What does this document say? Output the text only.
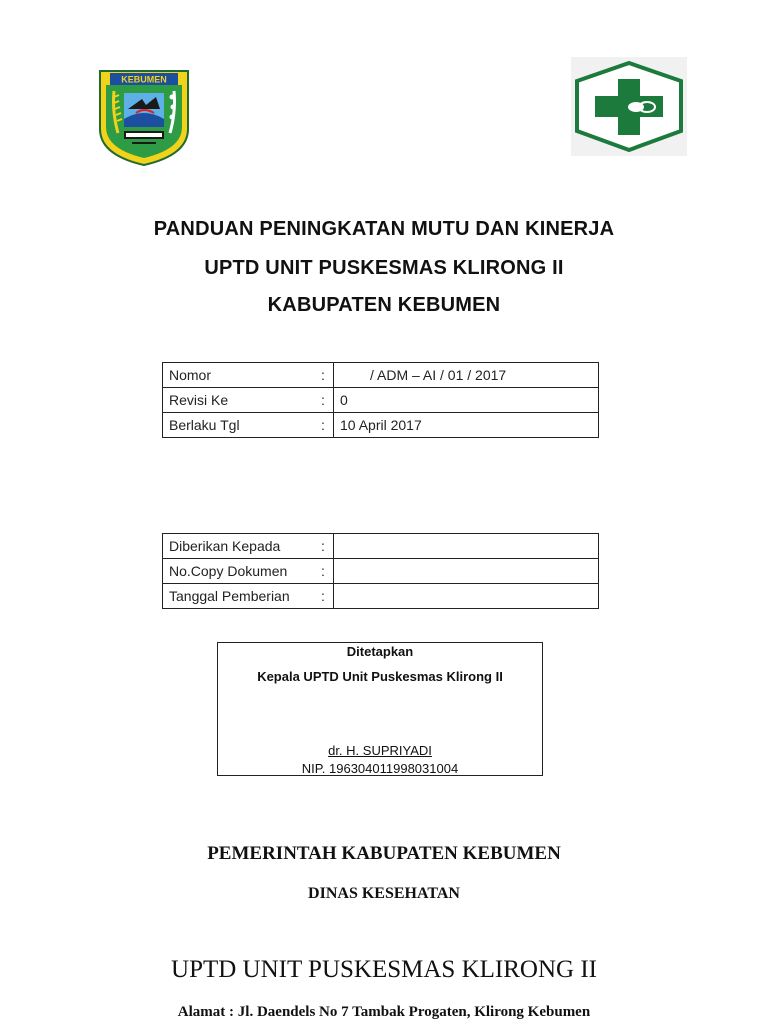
KEBUMEN
PANDUAN PENINGKATAN MUTU DAN KINERJA
UPTD UNIT PUSKESMAS KLIRONG II
KABUPATEN KEBUMEN
Nomor	:	/ ADM – AI / 01 / 2017
Revisi Ke	:	0
Berlaku Tgl	:	10 April 2017
Diberikan Kepada	:	
No.Copy Dokumen	:	
Tanggal Pemberian	:	
Ditetapkan
Kepala UPTD Unit Puskesmas Klirong II
dr. H. SUPRIYADI
NIP. 196304011998031004

PEMERINTAH KABUPATEN KEBUMEN

DINAS KESEHATAN

UPTD UNIT PUSKESMAS KLIRONG II

Alamat : Jl. Daendels No 7 Tambak Progaten, Klirong Kebumen
